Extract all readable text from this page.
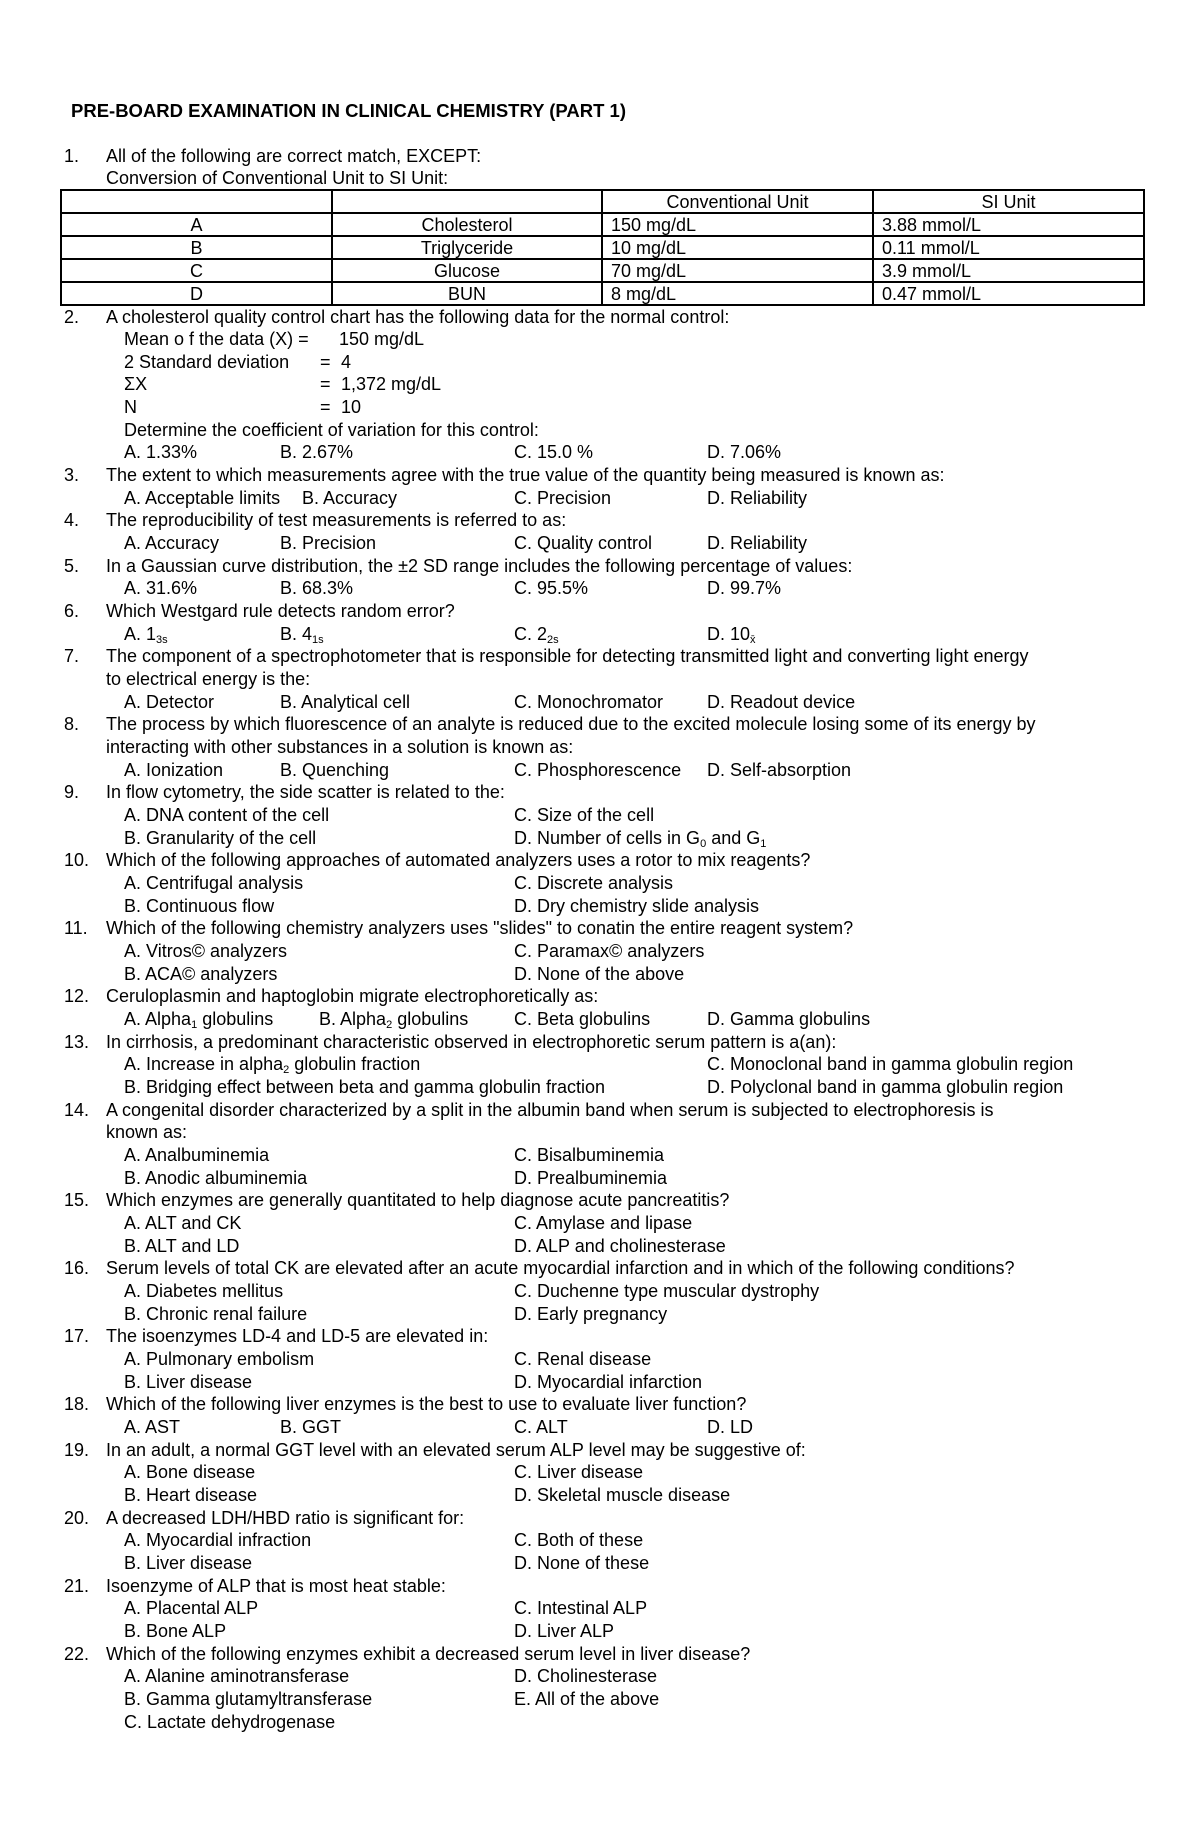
PRE-BOARD EXAMINATION IN CLINICAL CHEMISTRY (PART 1)
1. All of the following are correct match, EXCEPT:
Conversion of Conventional Unit to SI Unit:
		Conventional Unit	SI Unit
A	Cholesterol	150 mg/dL	3.88 mmol/L
B	Triglyceride	10 mg/dL	0.11 mmol/L
C	Glucose	70 mg/dL	3.9 mmol/L
D	BUN	8 mg/dL	0.47 mmol/L
2. A cholesterol quality control chart has the following data for the normal control:
Mean o f the data (X) = 150 mg/dL
2 Standard deviation = 4
ΣX	= 1,372 mg/dL
N	= 10
Determine the coefficient of variation for this control:
A. 1.33%	B. 2.67%	C. 15.0 %	D. 7.06%
3. The extent to which measurements agree with the true value of the quantity being measured is known as:
A. Acceptable limits B. Accuracy	C. Precision	D. Reliability
4. The reproducibility of test measurements is referred to as:
A. Accuracy	B. Precision	C. Quality control	D. Reliability
5. In a Gaussian curve distribution, the ±2 SD range includes the following percentage of values:
A. 31.6%	B. 68.3%	C. 95.5%	D. 99.7%
6. Which Westgard rule detects random error?
A. $1_{3s}$	B. $4_{1s}$	C. $2_{2s}$	D. $10_{x̄}$
7. The component of a spectrophotometer that is responsible for detecting transmitted light and converting light energy
to electrical energy is the:
A. Detector	B. Analytical cell	C. Monochromator D. Readout device
8. The process by which fluorescence of an analyte is reduced due to the excited molecule losing some of its energy by
interacting with other substances in a solution is known as:
A. Ionization	B. Quenching	C. Phosphorescence D. Self-absorption
9. In flow cytometry, the side scatter is related to the:
A. DNA content of the cell	C. Size of the cell
B. Granularity of the cell	D. Number of cells in $G_0$ and $G_1$
10. Which of the following approaches of automated analyzers uses a rotor to mix reagents?
A. Centrifugal analysis	C. Discrete analysis
B. Continuous flow	D. Dry chemistry slide analysis
11. Which of the following chemistry analyzers uses "slides" to conatin the entire reagent system?
A. Vitros© analyzers	C. Paramax© analyzers
B. ACA© analyzers	D. None of the above
12. Ceruloplasmin and haptoglobin migrate electrophoretically as:
A. Alpha$_1$ globulins	B. Alpha$_2$ globulins	C. Beta globulins	D. Gamma globulins
13. In cirrhosis, a predominant characteristic observed in electrophoretic serum pattern is a(an):
A. Increase in alpha$_2$ globulin fraction	C. Monoclonal band in gamma globulin region
B. Bridging effect between beta and gamma globulin fraction	D. Polyclonal band in gamma globulin region
14. A congenital disorder characterized by a split in the albumin band when serum is subjected to electrophoresis is
known as:
A. Analbuminemia	C. Bisalbuminemia
B. Anodic albuminemia	D. Prealbuminemia
15. Which enzymes are generally quantitated to help diagnose acute pancreatitis?
A. ALT and CK	C. Amylase and lipase
B. ALT and LD	D. ALP and cholinesterase
16. Serum levels of total CK are elevated after an acute myocardial infarction and in which of the following conditions?
A. Diabetes mellitus	C. Duchenne type muscular dystrophy
B. Chronic renal failure	D. Early pregnancy
17. The isoenzymes LD-4 and LD-5 are elevated in:
A. Pulmonary embolism	C. Renal disease
B. Liver disease	D. Myocardial infarction
18. Which of the following liver enzymes is the best to use to evaluate liver function?
A. AST	B. GGT	C. ALT	D. LD
19. In an adult, a normal GGT level with an elevated serum ALP level may be suggestive of:
A. Bone disease	C. Liver disease
B. Heart disease	D. Skeletal muscle disease
20. A decreased LDH/HBD ratio is significant for:
A. Myocardial infraction	C. Both of these
B. Liver disease	D. None of these
21. Isoenzyme of ALP that is most heat stable:
A. Placental ALP	C. Intestinal ALP
B. Bone ALP	D. Liver ALP
22. Which of the following enzymes exhibit a decreased serum level in liver disease?
A. Alanine aminotransferase	D. Cholinesterase
B. Gamma glutamyltransferase	E. All of the above
C. Lactate dehydrogenase
